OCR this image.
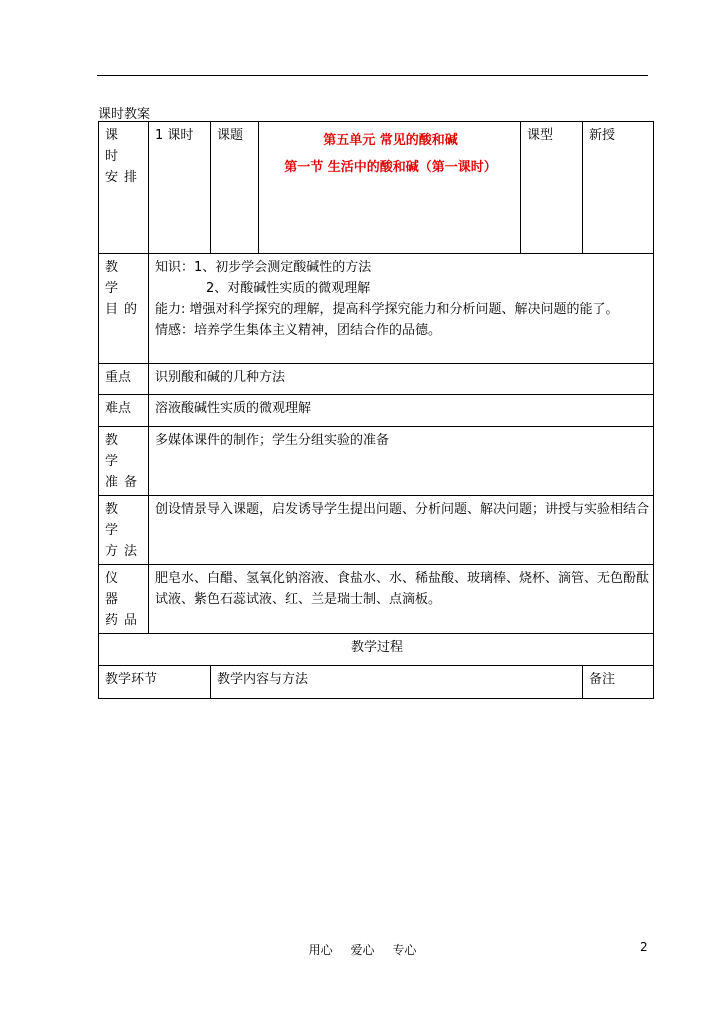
课时教案
课 时 安排	1 课时	课题	第五单元 常见的酸和碱
第一节 生活中的酸和碱（第一课时）	课型	新授
教 学 目的	知识：1、初步学会测定酸碱性的方法
2、对酸碱性实质的微观理解
能力: 增强对科学探究的理解，提高科学探究能力和分析问题、解决问题的能了。
情感：培养学生集体主义精神，团结合作的品德。				

重点	识别酸和碱的几种方法				
难点	溶液酸碱性实质的微观理解				
教 学 准备	多媒体课件的制作；学生分组实验的准备				
教 学 方法	创设情景导入课题，启发诱导学生提出问题、分析问题、解决问题；讲授与实验相结合				
仪 器 药品	肥皂水、白醋、氢氧化钠溶液、食盐水、水、稀盐酸、玻璃棒、烧杯、滴管、无色酚酞试液、紫色石蕊试液、红、兰是瑞士制、点滴板。				
教学过程					
教学环节		教学内容与方法			备注
用心 爱心 专心	2
